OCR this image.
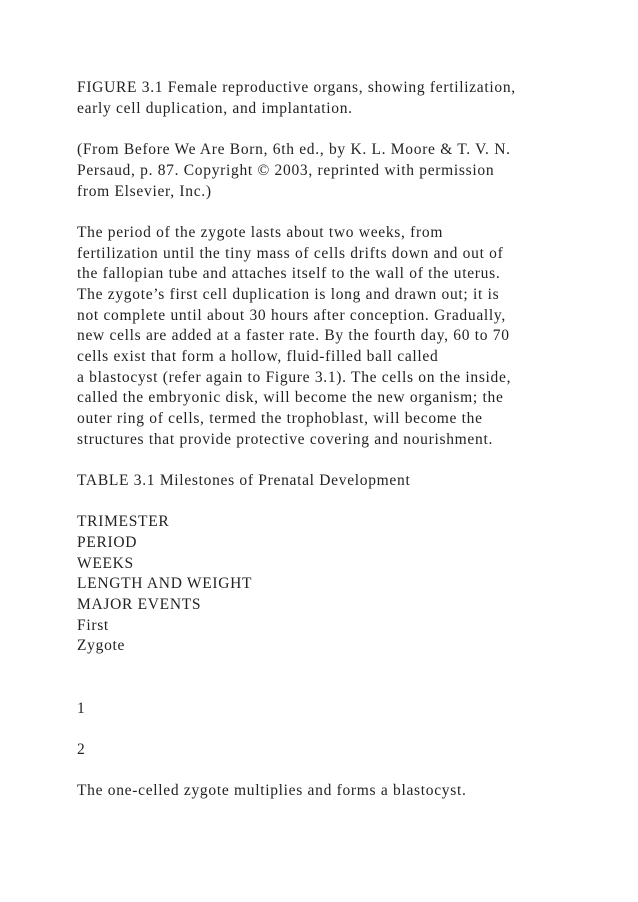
FIGURE 3.1 Female reproductive organs, showing fertilization,
early cell duplication, and implantation.
(From Before We Are Born, 6th ed., by K. L. Moore & T. V. N.
Persaud, p. 87. Copyright © 2003, reprinted with permission
from Elsevier, Inc.)
The period of the zygote lasts about two weeks, from
fertilization until the tiny mass of cells drifts down and out of
the fallopian tube and attaches itself to the wall of the uterus.
The zygote’s first cell duplication is long and drawn out; it is
not complete until about 30 hours after conception. Gradually,
new cells are added at a faster rate. By the fourth day, 60 to 70
cells exist that form a hollow, fluid-filled ball called
a blastocyst (refer again to Figure 3.1). The cells on the inside,
called the embryonic disk, will become the new organism; the
outer ring of cells, termed the trophoblast, will become the
structures that provide protective covering and nourishment.
TABLE 3.1 Milestones of Prenatal Development
TRIMESTER
PERIOD
WEEKS
LENGTH AND WEIGHT
MAJOR EVENTS
First
Zygote
1
2
The one-celled zygote multiplies and forms a blastocyst.
